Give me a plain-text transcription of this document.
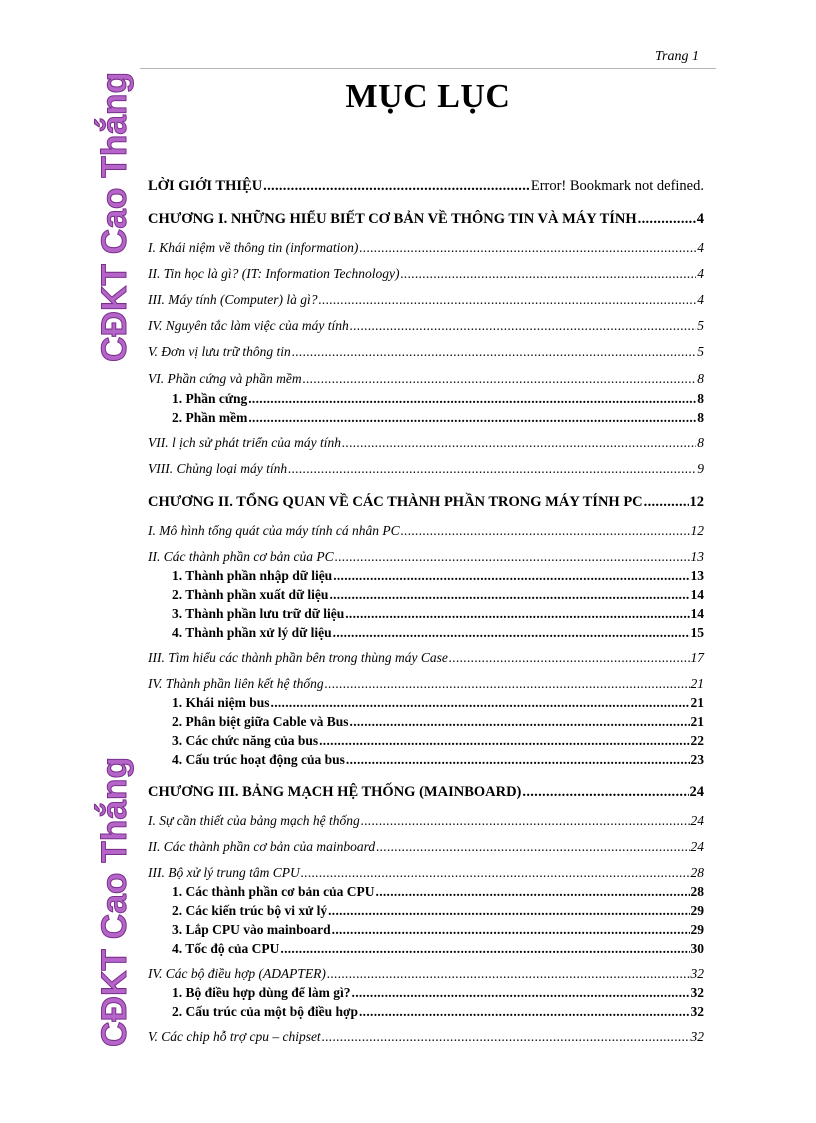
Trang 1
CĐKT Cao Thắng
CĐKT Cao Thắng
MỤC LỤC
LỜI GIỚI THIỆU .....	Error! Bookmark not defined.
CHƯƠNG I. NHỮNG HIỂU BIẾT CƠ BẢN VỀ THÔNG TIN VÀ MÁY TÍNH .....	4
I. Khái niệm về thông tin (information) .....	4
II. Tin học là gì? (IT: Information Technology) .....	4
III. Máy tính (Computer) là gì? .....	4
IV. Nguyên tắc làm việc của máy tính .....	5
V. Đơn vị lưu trữ thông tin .....	5
VI. Phần cứng và phần mềm .....	8
1. Phần cứng .....	8
2. Phần mềm .....	8
VII. l ịch sử phát triển của máy tính .....	8
VIII. Chủng loại máy tính .....	9
CHƯƠNG II. TỔNG QUAN VỀ CÁC THÀNH PHẦN TRONG MÁY TÍNH PC .....	12
I. Mô hình tổng quát của máy tính cá nhân PC .....	12
II. Các thành phần cơ bản của PC .....	13
1. Thành phần nhập dữ liệu .....	13
2. Thành phần xuất dữ liệu .....	14
3. Thành phần lưu trữ dữ liệu .....	14
4. Thành phần xử lý dữ liệu .....	15
III. Tìm hiểu các thành phần bên trong thùng máy Case .....	17
IV. Thành phần liên kết hệ thống .....	21
1. Khái niệm bus .....	21
2. Phân biệt giữa Cable và Bus .....	21
3. Các chức năng của bus .....	22
4. Cấu trúc hoạt động của bus .....	23
CHƯƠNG III. BẢNG MẠCH HỆ THỐNG (MAINBOARD) .....	24
I. Sự cần thiết của bảng mạch hệ thống .....	24
II. Các thành phần cơ bản của mainboard .....	24
III. Bộ xử lý trung tâm CPU .....	28
1. Các thành phần cơ bản của CPU .....	28
2. Các kiến trúc bộ vi xử lý .....	29
3. Lắp CPU vào mainboard .....	29
4. Tốc độ của CPU .....	30
IV. Các bộ điều hợp (ADAPTER) .....	32
1. Bộ điều hợp dùng để làm gì? .....	32
2. Cấu trúc của một bộ điều hợp .....	32
V. Các chip hỗ trợ cpu – chipset .....	32
